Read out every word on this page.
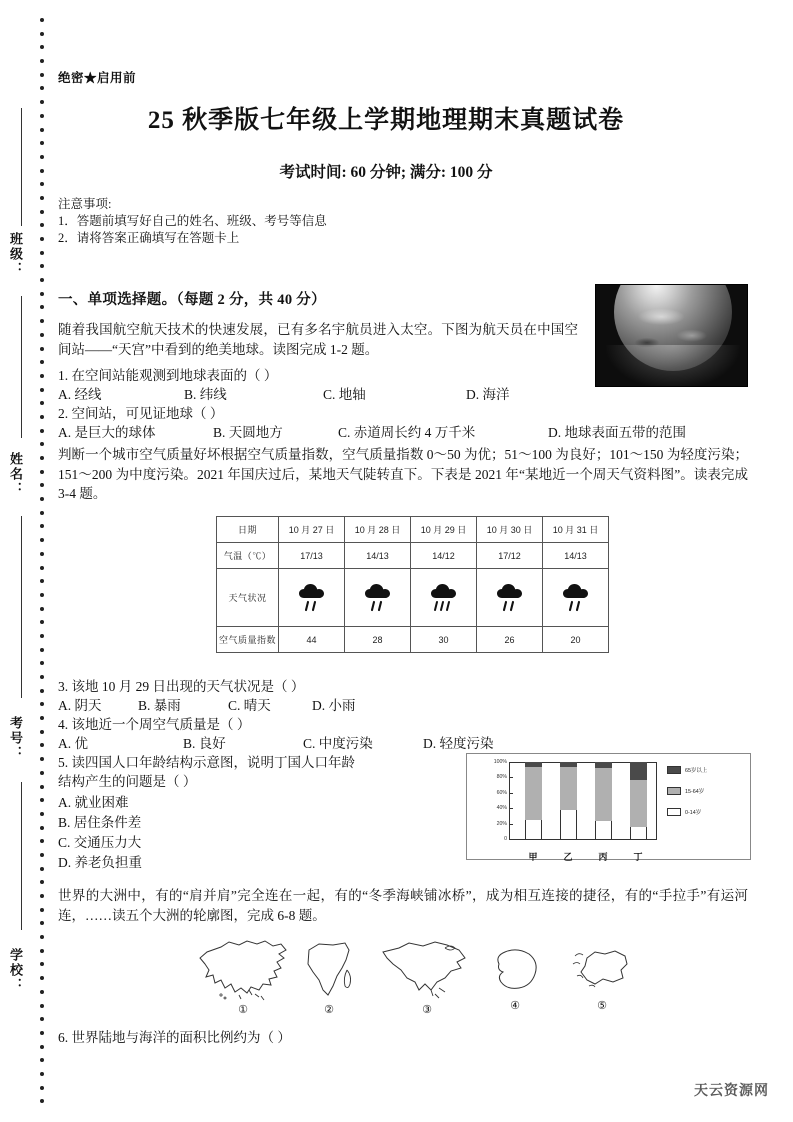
班级：
姓名：
考号：
学校：
绝密★启用前
25 秋季版七年级上学期地理期末真题试卷
考试时间: 60 分钟; 满分: 100 分
注意事项:
1．答题前填写好自己的姓名、班级、考号等信息
2．请将答案正确填写在答题卡上
一、单项选择题。（每题 2 分，共 40 分）
随着我国航空航天技术的快速发展，已有多名宇航员进入太空。下图为航天员在中国空间站——“天宫”中看到的绝美地球。读图完成 1-2 题。
1. 在空间站能观测到地球表面的（ ）
A. 经线	B. 纬线	C. 地轴	D. 海洋
2. 空间站，可见证地球（ ）
A. 是巨大的球体	B. 天圆地方	C. 赤道周长约 4 万千米	D. 地球表面五带的范围
判断一个城市空气质量好坏根据空气质量指数，空气质量指数 0～50 为优；51～100 为良好；101～150 为轻度污染；151～200 为中度污染。2021 年国庆过后，某地天气陡转直下。下表是 2021 年“某地近一个周天气资料图”。读表完成 3-4 题。
日期	10 月 27 日	10 月 28 日	10 月 29 日	10 月 30 日	10 月 31 日
气温（℃）	17/13	14/13	14/12	17/12	14/13
天气状况	

空气质量指数	44	28	30	26	20
3. 该地 10 月 29 日出现的天气状况是（ ）
A. 阴天	B. 暴雨	C. 晴天	D. 小雨
4. 该地近一个周空气质量是（ ）
A. 优	B. 良好	C. 中度污染	D. 轻度污染
5. 读四国人口年龄结构示意图，说明丁国人口年龄
结构产生的问题是（ ）
A. 就业困难
B. 居住条件差
C. 交通压力大
D. 养老负担重
0
20%
40%
60%
80%
100%
甲	乙	丙	丁
65岁以上
15-64岁
0-14岁
世界的大洲中，有的“肩并肩”完全连在一起，有的“冬季海峡铺冰桥”，成为相互连接的捷径，有的“手拉手”有运河连，……读五个大洲的轮廓图，完成 6-8 题。
①	②	③	④	⑤
6. 世界陆地与海洋的面积比例约为（ ）
天云资源网
